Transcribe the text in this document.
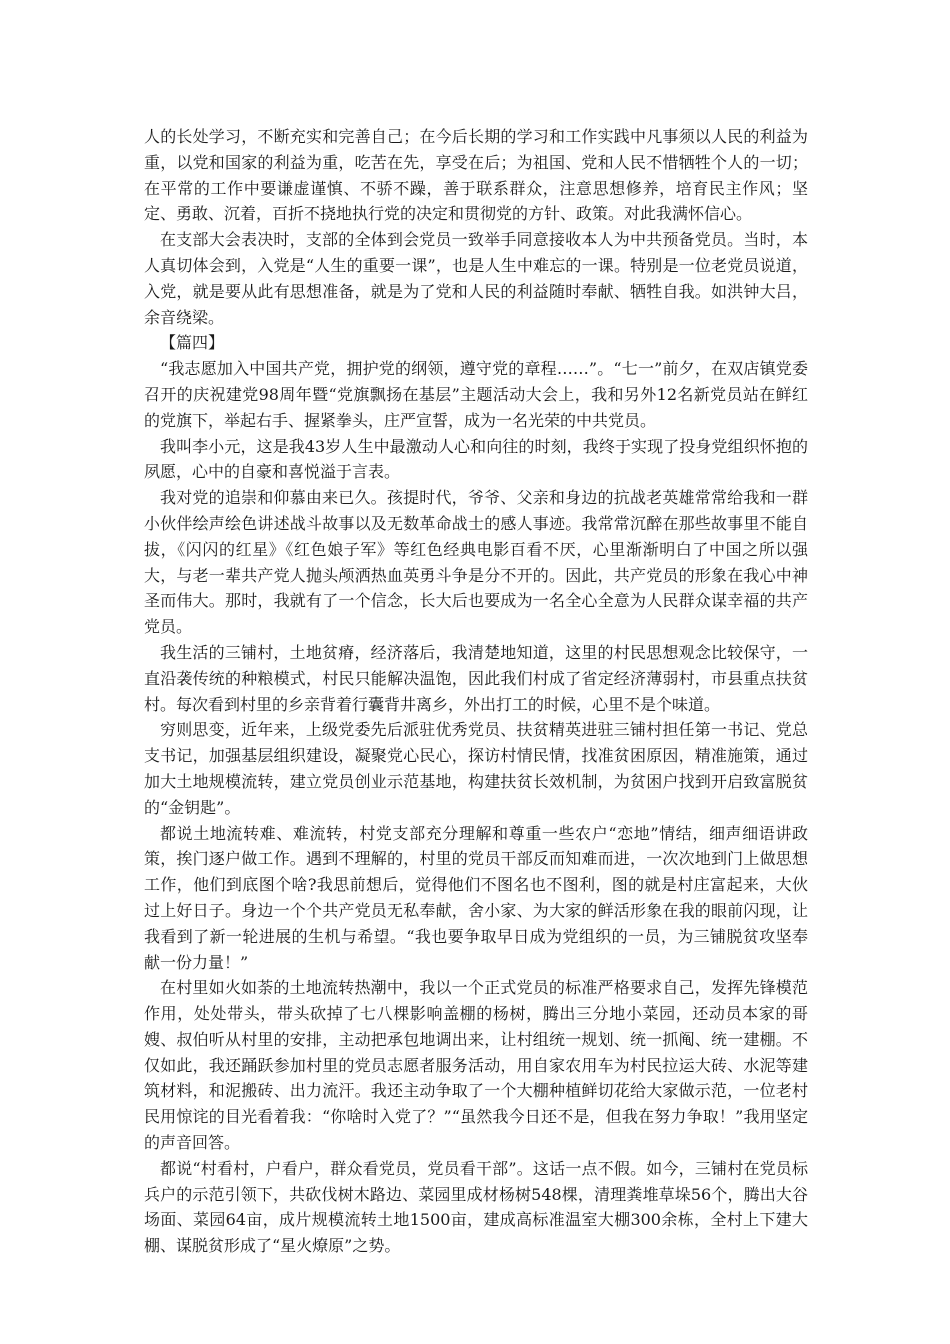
人的长处学习，不断充实和完善自己；在今后长期的学习和工作实践中凡事须以人民的利益为重，以党和国家的利益为重，吃苦在先，享受在后；为祖国、党和人民不惜牺牲个人的一切；在平常的工作中要谦虚谨慎、不骄不躁，善于联系群众，注意思想修养，培育民主作风；坚定、勇敢、沉着，百折不挠地执行党的决定和贯彻党的方针、政策。对此我满怀信心。

在支部大会表决时，支部的全体到会党员一致举手同意接收本人为中共预备党员。当时，本人真切体会到，入党是“人生的重要一课”，也是人生中难忘的一课。特别是一位老党员说道，入党，就是要从此有思想准备，就是为了党和人民的利益随时奉献、牺牲自我。如洪钟大吕，余音绕梁。

【篇四】

“我志愿加入中国共产党，拥护党的纲领，遵守党的章程……”。“七一”前夕，在双店镇党委召开的庆祝建党98周年暨“党旗飘扬在基层”主题活动大会上，我和另外12名新党员站在鲜红的党旗下，举起右手、握紧拳头，庄严宣誓，成为一名光荣的中共党员。

我叫李小元，这是我43岁人生中最激动人心和向往的时刻，我终于实现了投身党组织怀抱的夙愿，心中的自豪和喜悦溢于言表。

我对党的追崇和仰慕由来已久。孩提时代，爷爷、父亲和身边的抗战老英雄常常给我和一群小伙伴绘声绘色讲述战斗故事以及无数革命战士的感人事迹。我常常沉醉在那些故事里不能自拔，《闪闪的红星》《红色娘子军》等红色经典电影百看不厌，心里渐渐明白了中国之所以强大，与老一辈共产党人抛头颅洒热血英勇斗争是分不开的。因此，共产党员的形象在我心中神圣而伟大。那时，我就有了一个信念，长大后也要成为一名全心全意为人民群众谋幸福的共产党员。

我生活的三铺村，土地贫瘠，经济落后，我清楚地知道，这里的村民思想观念比较保守，一直沿袭传统的种粮模式，村民只能解决温饱，因此我们村成了省定经济薄弱村，市县重点扶贫村。每次看到村里的乡亲背着行囊背井离乡，外出打工的时候，心里不是个味道。

穷则思变，近年来，上级党委先后派驻优秀党员、扶贫精英进驻三铺村担任第一书记、党总支书记，加强基层组织建设，凝聚党心民心，探访村情民情，找准贫困原因，精准施策，通过加大土地规模流转，建立党员创业示范基地，构建扶贫长效机制，为贫困户找到开启致富脱贫的“金钥匙”。

都说土地流转难、难流转，村党支部充分理解和尊重一些农户“恋地”情结，细声细语讲政策，挨门逐户做工作。遇到不理解的，村里的党员干部反而知难而进，一次次地到门上做思想工作，他们到底图个啥?我思前想后，觉得他们不图名也不图利，图的就是村庄富起来，大伙过上好日子。身边一个个共产党员无私奉献，舍小家、为大家的鲜活形象在我的眼前闪现，让我看到了新一轮进展的生机与希望。“我也要争取早日成为党组织的一员，为三铺脱贫攻坚奉献一份力量！”

在村里如火如荼的土地流转热潮中，我以一个正式党员的标准严格要求自己，发挥先锋模范作用，处处带头，带头砍掉了七八棵影响盖棚的杨树，腾出三分地小菜园，还动员本家的哥嫂、叔伯听从村里的安排，主动把承包地调出来，让村组统一规划、统一抓阄、统一建棚。不仅如此，我还踊跃参加村里的党员志愿者服务活动，用自家农用车为村民拉运大砖、水泥等建筑材料，和泥搬砖、出力流汗。我还主动争取了一个大棚种植鲜切花给大家做示范，一位老村民用惊诧的目光看着我：“你啥时入党了？”“虽然我今日还不是，但我在努力争取！”我用坚定的声音回答。

都说“村看村，户看户，群众看党员，党员看干部”。这话一点不假。如今，三铺村在党员标兵户的示范引领下，共砍伐树木路边、菜园里成材杨树548棵，清理粪堆草垛56个，腾出大谷场面、菜园64亩，成片规模流转土地1500亩，建成高标准温室大棚300余栋，全村上下建大棚、谋脱贫形成了“星火燎原”之势。
